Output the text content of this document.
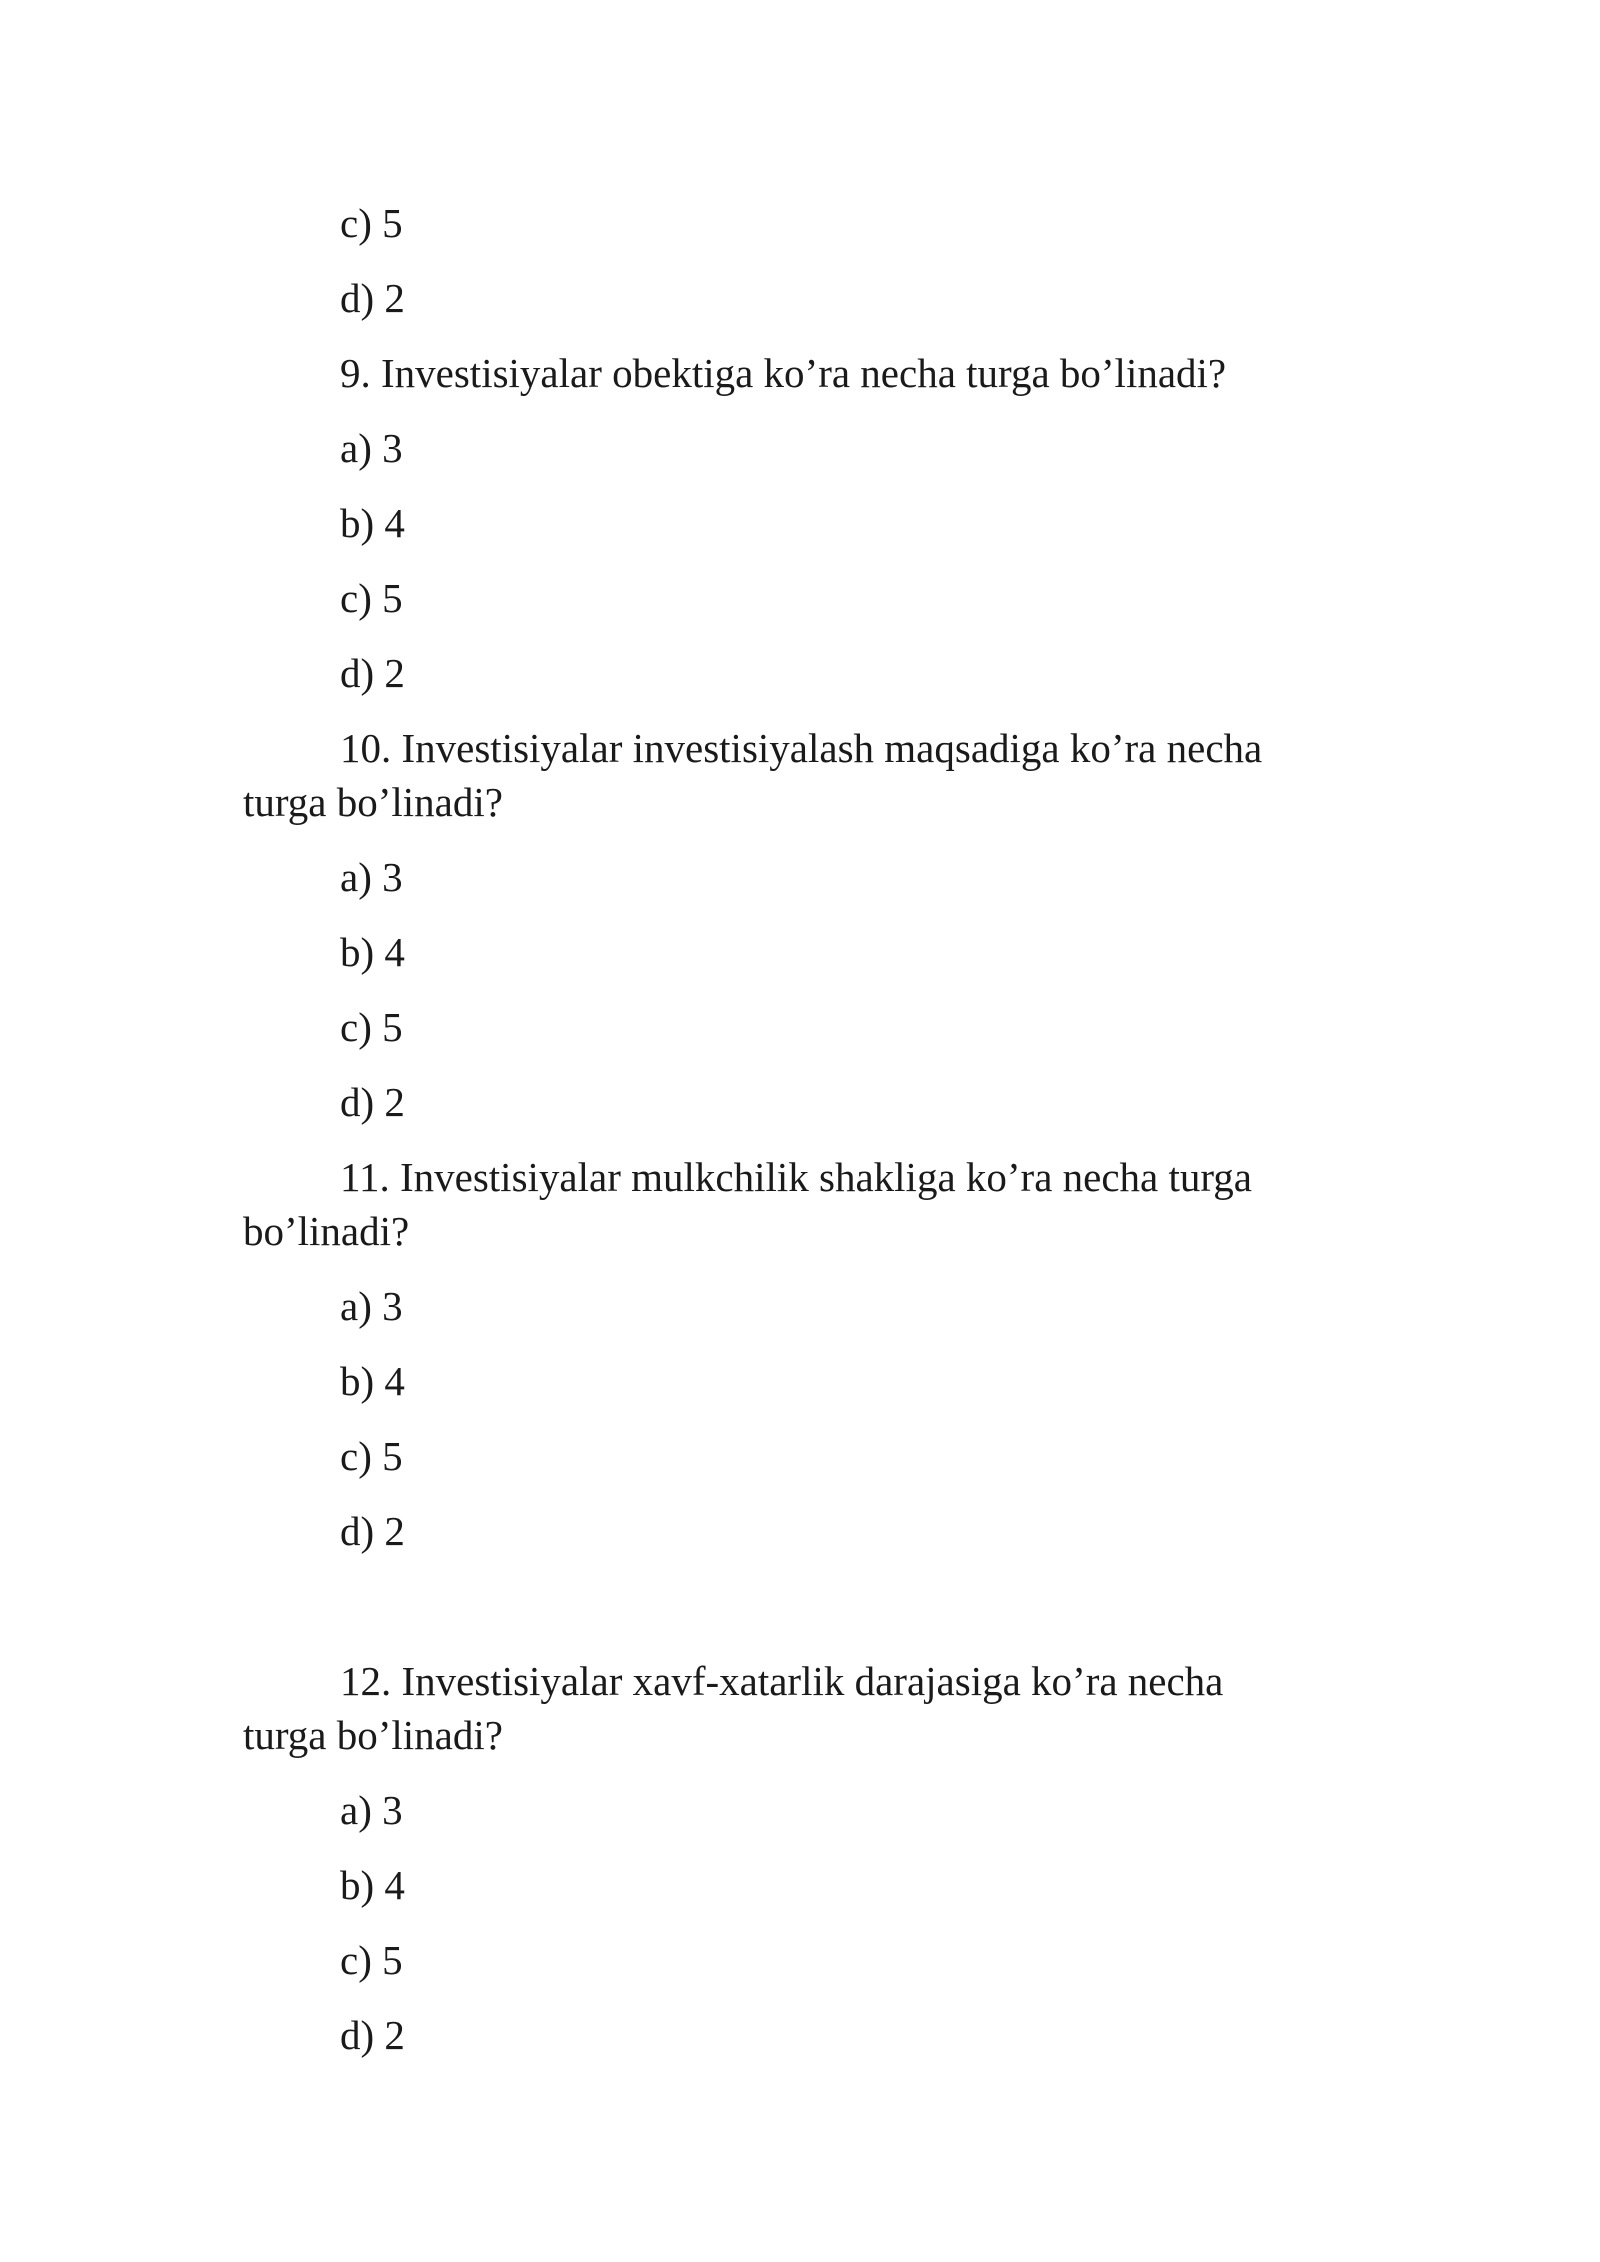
c) 5
d) 2
9. Investisiyalar obektiga ko’ra necha turga bo’linadi?
a) 3
b) 4
c) 5
d) 2
10. Investisiyalar investisiyalash maqsadiga ko’ra necha
turga bo’linadi?
a) 3
b) 4
c) 5
d) 2
11. Investisiyalar mulkchilik shakliga ko’ra necha turga
bo’linadi?
a) 3
b) 4
c) 5
d) 2
12. Investisiyalar xavf-xatarlik darajasiga ko’ra necha
turga bo’linadi?
a) 3
b) 4
c) 5
d) 2
